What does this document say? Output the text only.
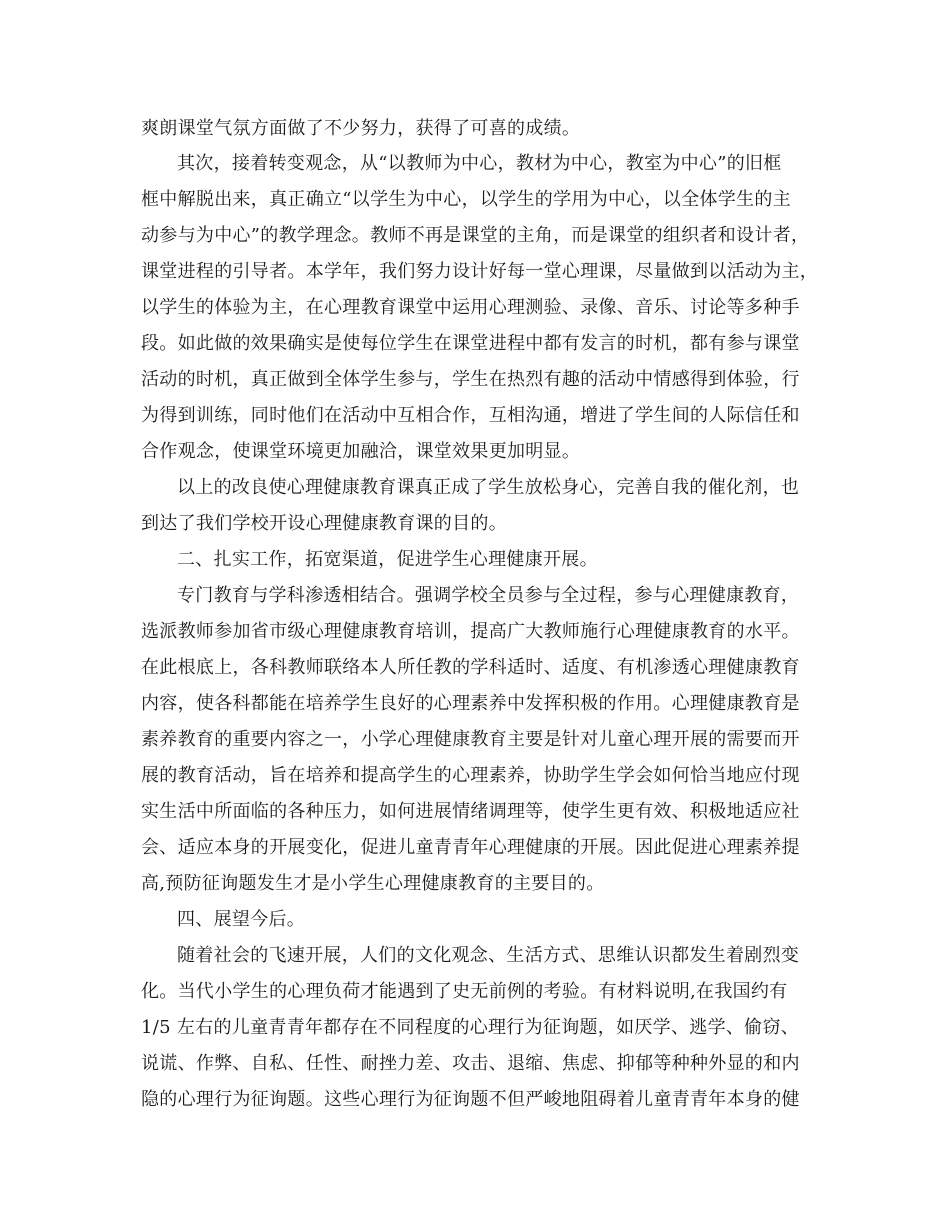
爽朗课堂气氛方面做了不少努力，获得了可喜的成绩。
其次，接着转变观念，从“以教师为中心，教材为中心，教室为中心”的旧框
框中解脱出来，真正确立“以学生为中心，以学生的学用为中心，以全体学生的主
动参与为中心”的教学理念。教师不再是课堂的主角，而是课堂的组织者和设计者，
课堂进程的引导者。本学年，我们努力设计好每一堂心理课，尽量做到以活动为主，
以学生的体验为主，在心理教育课堂中运用心理测验、录像、音乐、讨论等多种手
段。如此做的效果确实是使每位学生在课堂进程中都有发言的时机，都有参与课堂
活动的时机，真正做到全体学生参与，学生在热烈有趣的活动中情感得到体验，行
为得到训练，同时他们在活动中互相合作，互相沟通，增进了学生间的人际信任和
合作观念，使课堂环境更加融洽，课堂效果更加明显。
以上的改良使心理健康教育课真正成了学生放松身心，完善自我的催化剂，也
到达了我们学校开设心理健康教育课的目的。
二、扎实工作，拓宽渠道，促进学生心理健康开展。
专门教育与学科渗透相结合。强调学校全员参与全过程，参与心理健康教育，
选派教师参加省市级心理健康教育培训，提高广大教师施行心理健康教育的水平。
在此根底上，各科教师联络本人所任教的学科适时、适度、有机渗透心理健康教育
内容，使各科都能在培养学生良好的心理素养中发挥积极的作用。心理健康教育是
素养教育的重要内容之一，小学心理健康教育主要是针对儿童心理开展的需要而开
展的教育活动，旨在培养和提高学生的心理素养，协助学生学会如何恰当地应付现
实生活中所面临的各种压力，如何进展情绪调理等，使学生更有效、积极地适应社
会、适应本身的开展变化，促进儿童青青年心理健康的开展。因此促进心理素养提
高,预防征询题发生才是小学生心理健康教育的主要目的。
四、展望今后。
随着社会的飞速开展，人们的文化观念、生活方式、思维认识都发生着剧烈变
化。当代小学生的心理负荷才能遇到了史无前例的考验。有材料说明,在我国约有
1/5 左右的儿童青青年都存在不同程度的心理行为征询题，如厌学、逃学、偷窃、
说谎、作弊、自私、任性、耐挫力差、攻击、退缩、焦虑、抑郁等种种外显的和内
隐的心理行为征询题。这些心理行为征询题不但严峻地阻碍着儿童青青年本身的健
